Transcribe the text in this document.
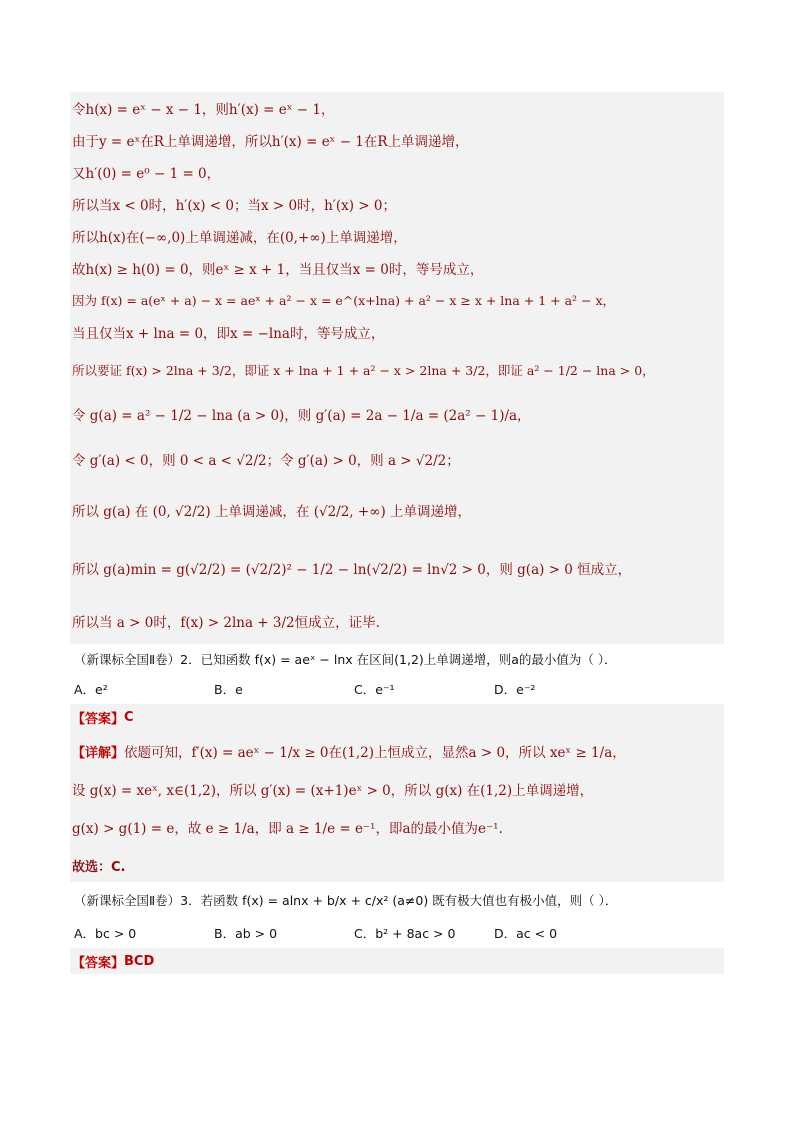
令h(x) = eˣ − x − 1，则h′(x) = eˣ − 1，
由于y = eˣ在R上单调递增，所以h′(x) = eˣ − 1在R上单调递增，
又h′(0) = e⁰ − 1 = 0，
所以当x < 0时，h′(x) < 0；当x > 0时，h′(x) > 0；
所以h(x)在(−∞,0)上单调递减，在(0,+∞)上单调递增，
故h(x) ≥ h(0) = 0，则eˣ ≥ x + 1，当且仅当x = 0时，等号成立，
因为 f(x) = a(eˣ + a) − x = aeˣ + a² − x = e^(x+lna) + a² − x ≥ x + lna + 1 + a² − x，
当且仅当x + lna = 0，即x = −lna时，等号成立，
所以要证 f(x) > 2lna + 3/2，即证 x + lna + 1 + a² − x > 2lna + 3/2，即证 a² − 1/2 − lna > 0，
令 g(a) = a² − 1/2 − lna (a > 0)，则 g′(a) = 2a − 1/a = (2a² − 1)/a，
令 g′(a) < 0，则 0 < a < √2/2；令 g′(a) > 0，则 a > √2/2；
所以 g(a) 在 (0, √2/2) 上单调递减，在 (√2/2, +∞) 上单调递增，
所以 g(a)min = g(√2/2) = (√2/2)² − 1/2 − ln(√2/2) = ln√2 > 0，则 g(a) > 0 恒成立，
所以当 a > 0时，f(x) > 2lna + 3/2恒成立，证毕.
（新课标全国Ⅱ卷）2．已知函数 f(x) = aeˣ − lnx 在区间(1,2)上单调递增，则a的最小值为（ ）．
A．e²	B．e	C．e⁻¹	D．e⁻²
【答案】 C
【详解】 依题可知，f′(x) = aeˣ − 1/x ≥ 0在(1,2)上恒成立，显然a > 0，所以 xeˣ ≥ 1/a，
设 g(x) = xeˣ, x∈(1,2)，所以 g′(x) = (x+1)eˣ > 0，所以 g(x) 在(1,2)上单调递增，
g(x) > g(1) = e，故 e ≥ 1/a，即 a ≥ 1/e = e⁻¹，即a的最小值为e⁻¹.
故选：C.
（新课标全国Ⅱ卷）3．若函数 f(x) = alnx + b/x + c/x² (a≠0) 既有极大值也有极小值，则（ ）．
A．bc > 0	B．ab > 0	C．b² + 8ac > 0	D．ac < 0
【答案】 BCD
